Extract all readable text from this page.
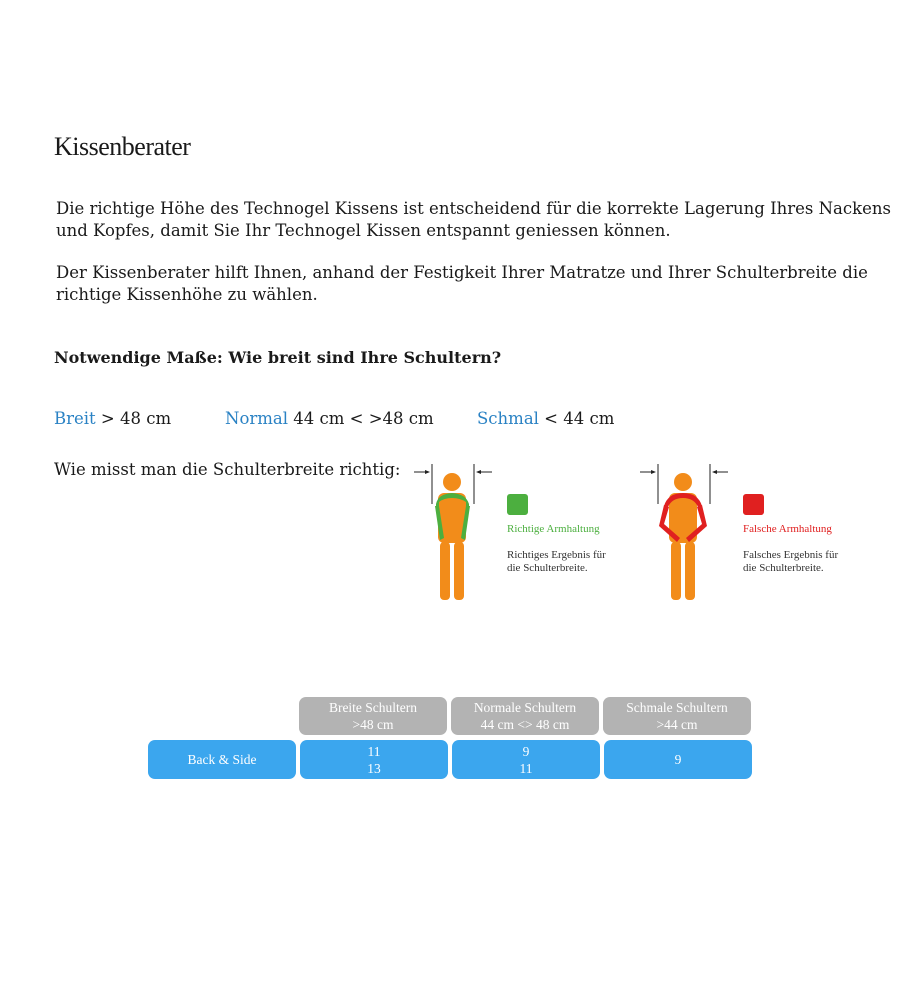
Kissenberater
Die richtige Höhe des Technogel Kissens ist entscheidend für die korrekte Lagerung Ihres Nackens
und Kopfes, damit Sie Ihr Technogel Kissen entspannt geniessen können.
Der Kissenberater hilft Ihnen, anhand der Festigkeit Ihrer Matratze und Ihrer Schulterbreite die
richtige Kissenhöhe zu wählen.
Notwendige Maße: Wie breit sind Ihre Schultern?
Breit > 48 cm	Normal 44 cm < >48 cm	Schmal < 44 cm
Wie misst man die Schulterbreite richtig:
Richtige Armhaltung
Richtiges Ergebnis für
die Schulterbreite.
Falsche Armhaltung
Falsches Ergebnis für
die Schulterbreite.
Breite Schultern
>48 cm
Normale Schultern
44 cm <> 48 cm
Schmale Schultern
>44 cm
Back & Side
11
13
9
11
9
